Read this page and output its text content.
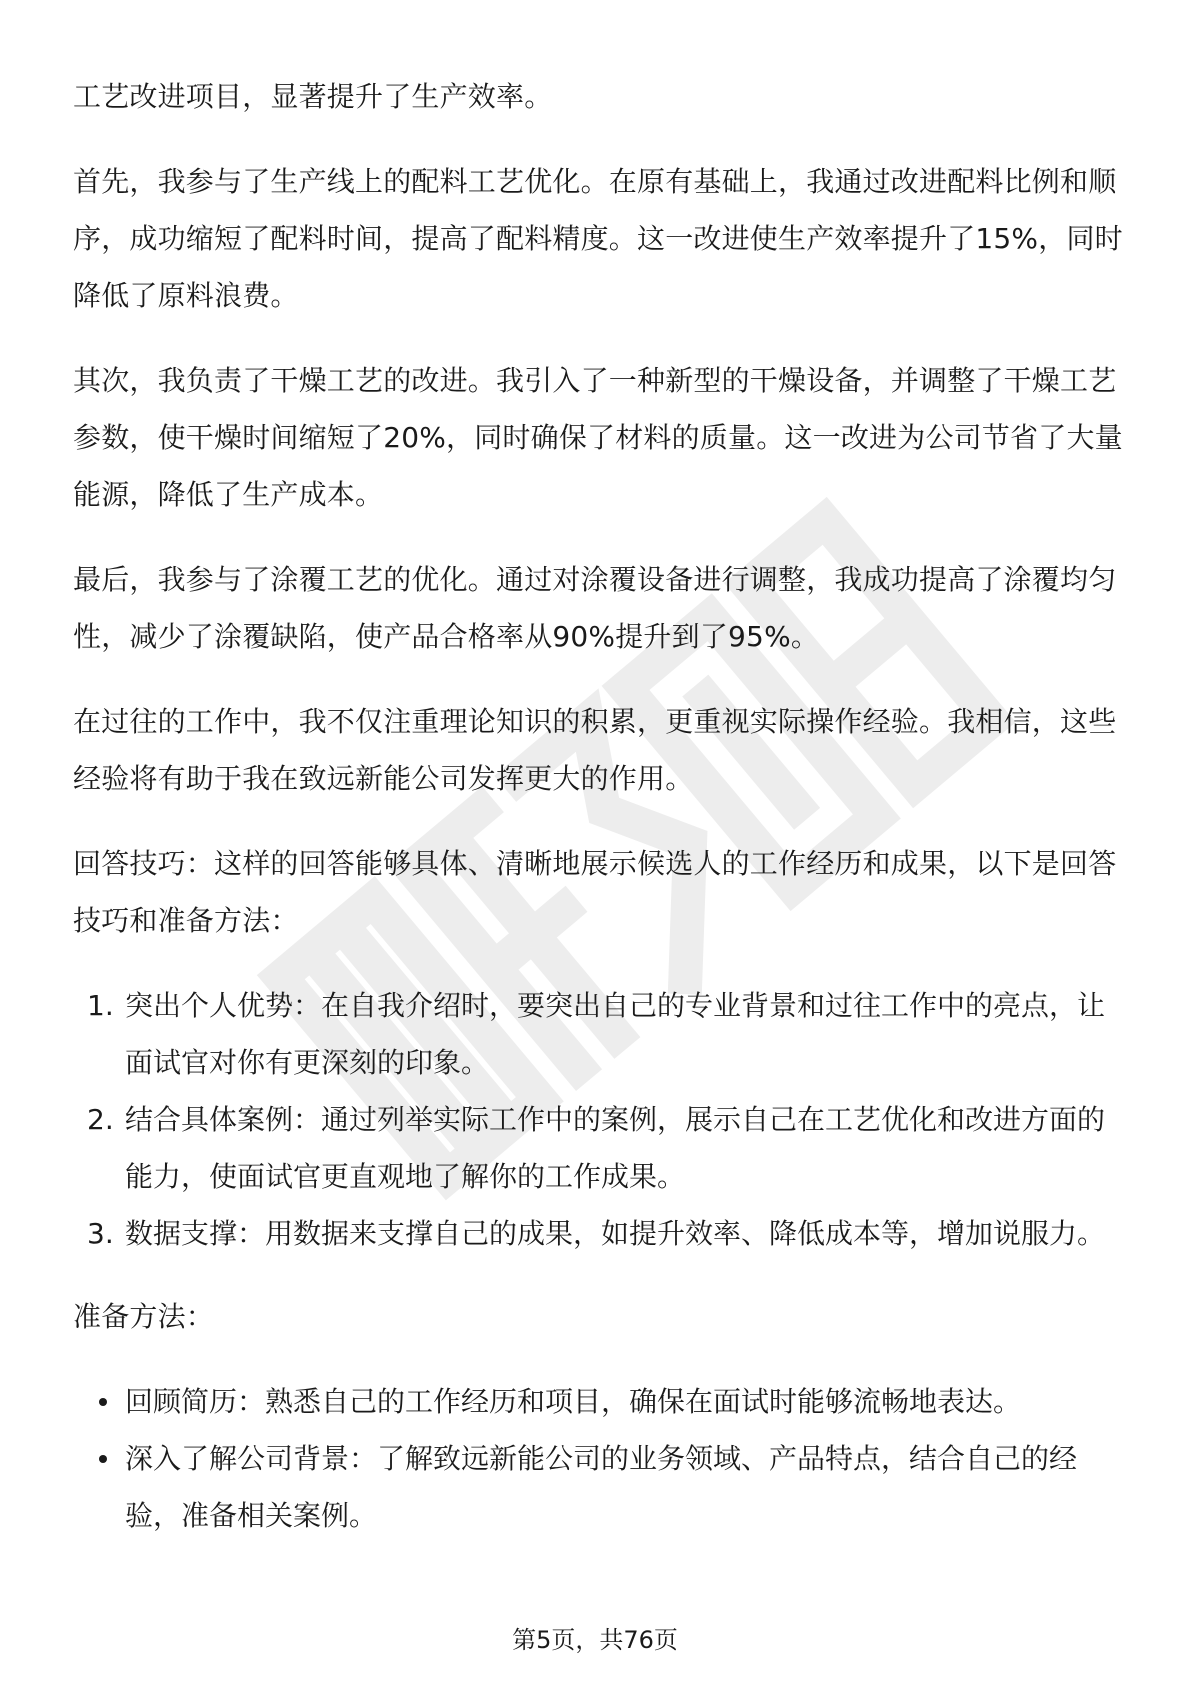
工艺改进项目，显著提升了生产效率。

首先，我参与了生产线上的配料工艺优化。在原有基础上，我通过改进配料比例和顺序，成功缩短了配料时间，提高了配料精度。这一改进使生产效率提升了15%，同时降低了原料浪费。

其次，我负责了干燥工艺的改进。我引入了一种新型的干燥设备，并调整了干燥工艺参数，使干燥时间缩短了20%，同时确保了材料的质量。这一改进为公司节省了大量能源，降低了生产成本。

最后，我参与了涂覆工艺的优化。通过对涂覆设备进行调整，我成功提高了涂覆均匀性，减少了涂覆缺陷，使产品合格率从90%提升到了95%。

在过往的工作中，我不仅注重理论知识的积累，更重视实际操作经验。我相信，这些经验将有助于我在致远新能公司发挥更大的作用。

回答技巧：这样的回答能够具体、清晰地展示候选人的工作经历和成果，以下是回答技巧和准备方法：

1. 突出个人优势：在自我介绍时，要突出自己的专业背景和过往工作中的亮点，让面试官对你有更深刻的印象。
2. 结合具体案例：通过列举实际工作中的案例，展示自己在工艺优化和改进方面的能力，使面试官更直观地了解你的工作成果。
3. 数据支撑：用数据来支撑自己的成果，如提升效率、降低成本等，增加说服力。

准备方法：

回顾简历：熟悉自己的工作经历和项目，确保在面试时能够流畅地表达。
深入了解公司背景：了解致远新能公司的业务领域、产品特点，结合自己的经验，准备相关案例。
第5页，共76页
